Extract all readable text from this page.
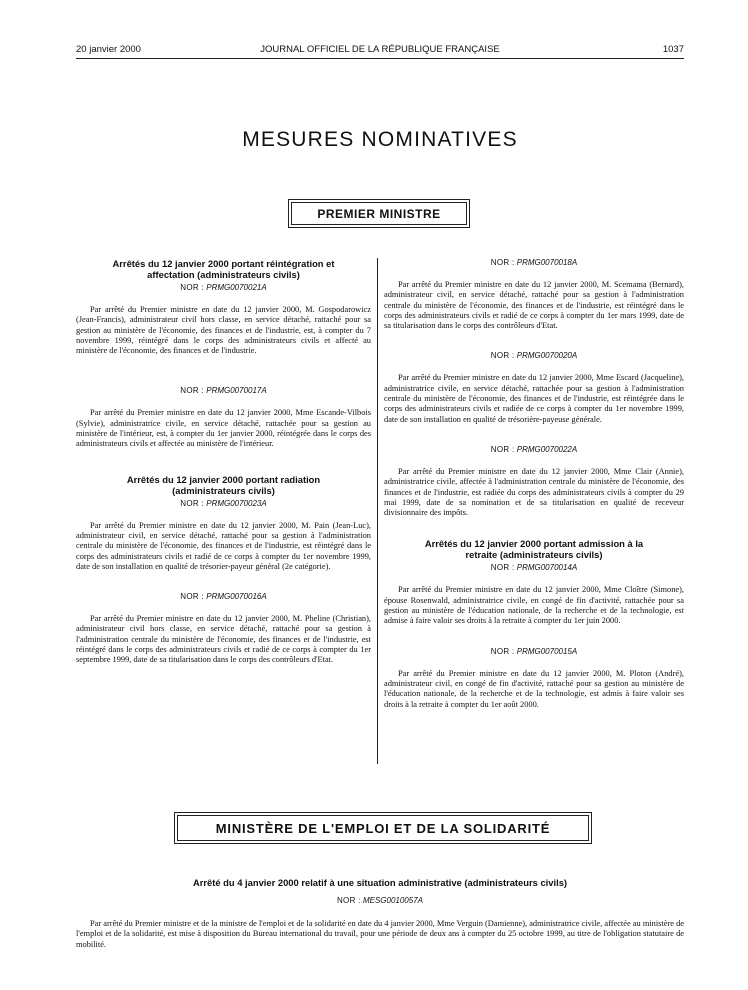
20 janvier 2000	JOURNAL OFFICIEL DE LA RÉPUBLIQUE FRANÇAISE	1037
MESURES NOMINATIVES
PREMIER MINISTRE
Arrêtés du 12 janvier 2000 portant réintégration et affectation (administrateurs civils)
NOR : PRMG0070021A

Par arrêté du Premier ministre en date du 12 janvier 2000, M. Gospodarowicz (Jean-Francis), administrateur civil hors classe, en service détaché, rattaché pour sa gestion au ministère de l'économie, des finances et de l'industrie, est, à compter du 7 novembre 1999, réintégré dans le corps des administrateurs civils et affecté au ministère de l'économie, des finances et de l'industrie.

NOR : PRMG0070017A

Par arrêté du Premier ministre en date du 12 janvier 2000, Mme Escande-Vilbois (Sylvie), administratrice civile, en service détaché, rattachée pour sa gestion au ministère de l'intérieur, est, à compter du 1er janvier 2000, réintégrée dans le corps des administrateurs civils et affectée au ministère de l'intérieur.

Arrêtés du 12 janvier 2000 portant radiation (administrateurs civils)
NOR : PRMG0070023A

Par arrêté du Premier ministre en date du 12 janvier 2000, M. Pain (Jean-Luc), administrateur civil, en service détaché, rattaché pour sa gestion à l'administration centrale du ministère de l'économie, des finances et de l'industrie, est réintégré dans le corps des administrateurs civils et radié de ce corps à compter du 1er novembre 1999, date de son installation en qualité de trésorier-payeur général (2e catégorie).

NOR : PRMG0070016A

Par arrêté du Premier ministre en date du 12 janvier 2000, M. Pheline (Christian), administrateur civil hors classe, en service détaché, rattaché pour sa gestion à l'administration centrale du ministère de l'économie, des finances et de l'industrie, est réintégré dans le corps des administrateurs civils et radié de ce corps à compter du 1er septembre 1999, date de sa titularisation dans le corps des contrôleurs d'Etat.

NOR : PRMG0070018A

Par arrêté du Premier ministre en date du 12 janvier 2000, M. Scemama (Bernard), administrateur civil, en service détaché, rattaché pour sa gestion à l'administration centrale du ministère de l'économie, des finances et de l'industrie, est réintégré dans le corps des administrateurs civils et radié de ce corps à compter du 1er mars 1999, date de sa titularisation dans le corps des contrôleurs d'Etat.

NOR : PRMG0070020A

Par arrêté du Premier ministre en date du 12 janvier 2000, Mme Escard (Jacqueline), administratrice civile, en service détaché, rattachée pour sa gestion à l'administration centrale du ministère de l'économie, des finances et de l'industrie, est réintégrée dans le corps des administrateurs civils et radiée de ce corps à compter du 1er novembre 1999, date de son installation en qualité de trésorière-payeuse générale.

NOR : PRMG0070022A

Par arrêté du Premier ministre en date du 12 janvier 2000, Mme Clair (Annie), administratrice civile, affectée à l'administration centrale du ministère de l'économie, des finances et de l'industrie, est radiée du corps des administrateurs civils à compter du 29 mai 1999, date de sa nomination et de sa titularisation en qualité de receveur divisionnaire des impôts.

Arrêtés du 12 janvier 2000 portant admission à la retraite (administrateurs civils)
NOR : PRMG0070014A

Par arrêté du Premier ministre en date du 12 janvier 2000, Mme Cloître (Simone), épouse Rosenwald, administratrice civile, en congé de fin d'activité, rattachée pour sa gestion au ministère de l'éducation nationale, de la recherche et de la technologie, est admise à faire valoir ses droits à la retraite à compter du 1er juin 2000.

NOR : PRMG0070015A

Par arrêté du Premier ministre en date du 12 janvier 2000, M. Ploton (André), administrateur civil, en congé de fin d'activité, rattaché pour sa gestion au ministère de l'éducation nationale, de la recherche et de la technologie, est admis à faire valoir ses droits à la retraite à compter du 1er août 2000.

MINISTÈRE DE L'EMPLOI ET DE LA SOLIDARITÉ
Arrêté du 4 janvier 2000 relatif à une situation administrative (administrateurs civils)
NOR : MESG0010057A

Par arrêté du Premier ministre et de la ministre de l'emploi et de la solidarité en date du 4 janvier 2000, Mme Verguin (Damienne), administratrice civile, affectée au ministère de l'emploi et de la solidarité, est mise à disposition du Bureau international du travail, pour une période de deux ans à compter du 25 octobre 1999, au titre de l'obligation statutaire de mobilité.
